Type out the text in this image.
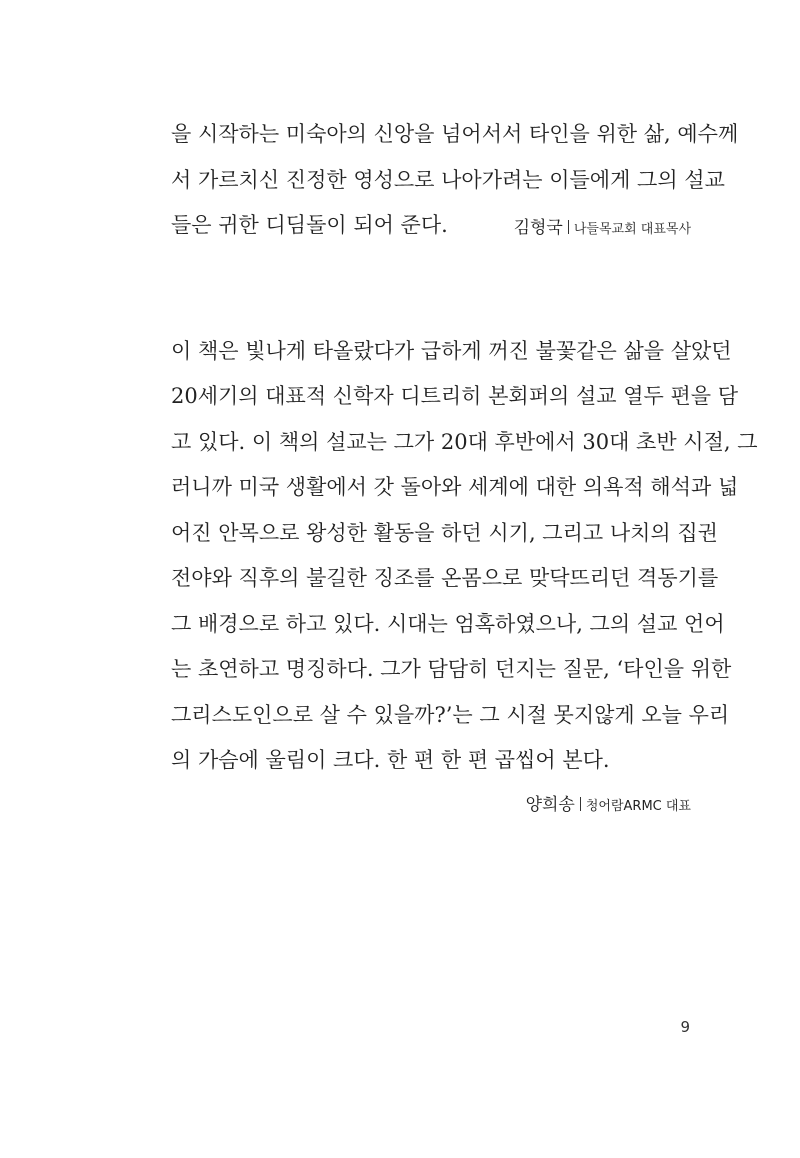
을 시작하는 미숙아의 신앙을 넘어서서 타인을 위한 삶, 예수께
서 가르치신 진정한 영성으로 나아가려는 이들에게 그의 설교
들은 귀한 디딤돌이 되어 준다.	김형국 나들목교회 대표목사
이 책은 빛나게 타올랐다가 급하게 꺼진 불꽃같은 삶을 살았던
20세기의 대표적 신학자 디트리히 본회퍼의 설교 열두 편을 담
고 있다. 이 책의 설교는 그가 20대 후반에서 30대 초반 시절, 그
러니까 미국 생활에서 갓 돌아와 세계에 대한 의욕적 해석과 넓
어진 안목으로 왕성한 활동을 하던 시기, 그리고 나치의 집권
전야와 직후의 불길한 징조를 온몸으로 맞닥뜨리던 격동기를
그 배경으로 하고 있다. 시대는 엄혹하였으나, 그의 설교 언어
는 초연하고 명징하다. 그가 담담히 던지는 질문, ‘타인을 위한
그리스도인으로 살 수 있을까?’는 그 시절 못지않게 오늘 우리
의 가슴에 울림이 크다. 한 편 한 편 곱씹어 본다.
양희송 청어람ARMC 대표
9
